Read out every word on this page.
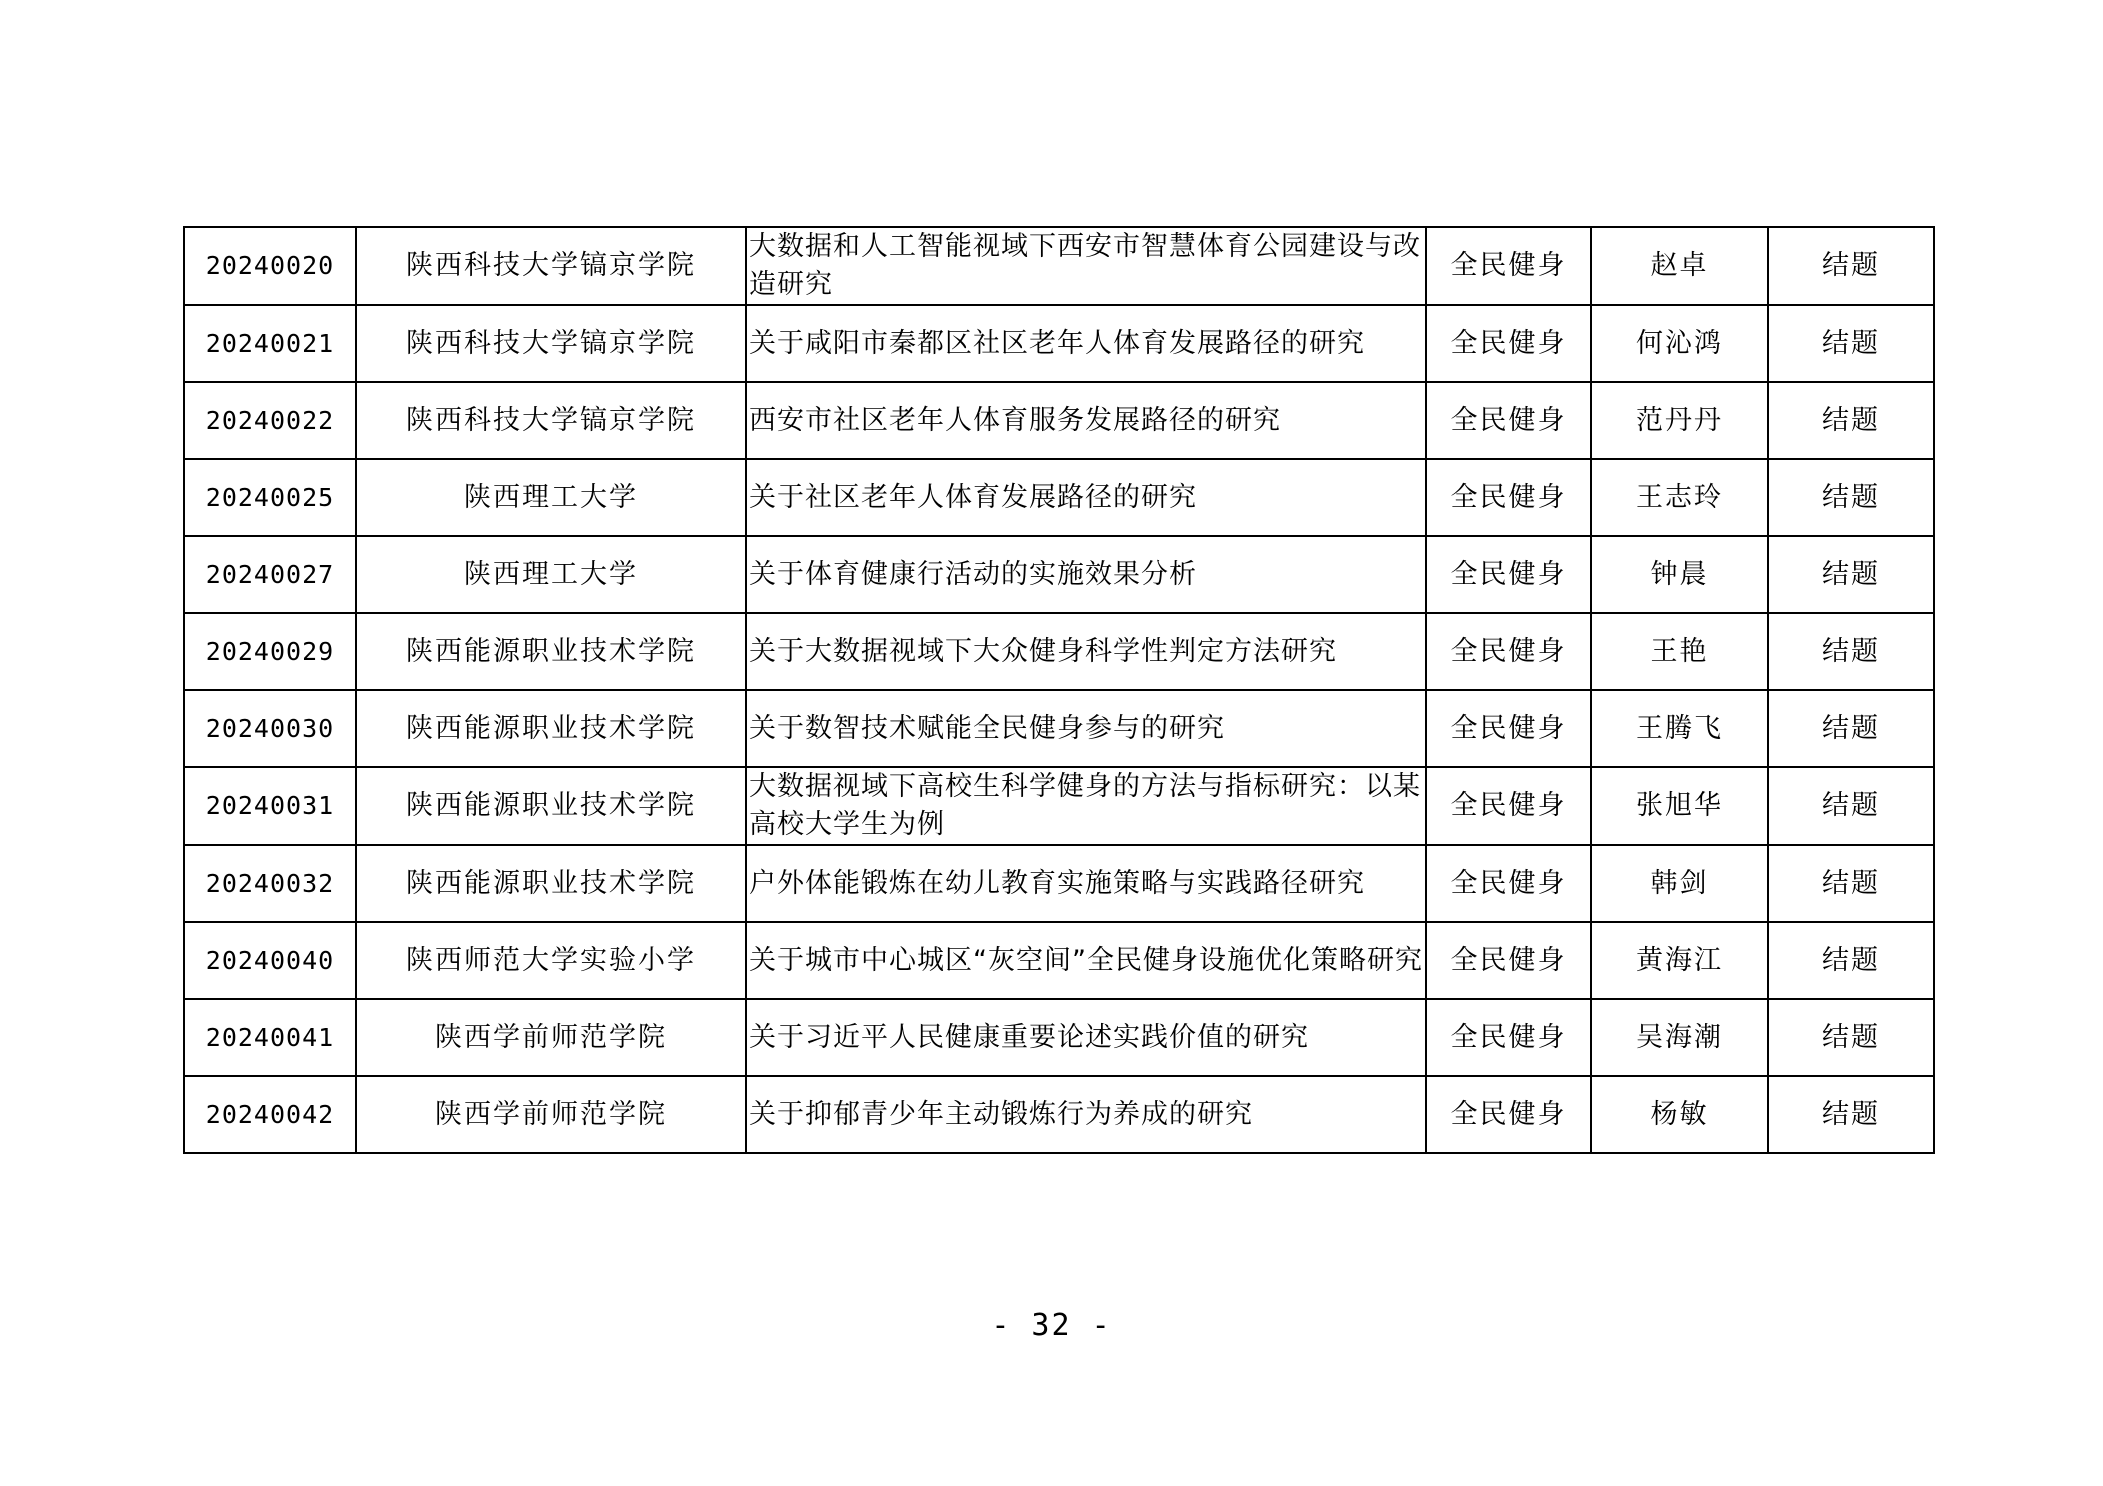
20240020	陕西科技大学镐京学院	大数据和人工智能视域下西安市智慧体育公园建设与改造研究	全民健身	赵卓	结题
20240021	陕西科技大学镐京学院	关于咸阳市秦都区社区老年人体育发展路径的研究	全民健身	何沁鸿	结题
20240022	陕西科技大学镐京学院	西安市社区老年人体育服务发展路径的研究	全民健身	范丹丹	结题
20240025	陕西理工大学	关于社区老年人体育发展路径的研究	全民健身	王志玲	结题
20240027	陕西理工大学	关于体育健康行活动的实施效果分析	全民健身	钟晨	结题
20240029	陕西能源职业技术学院	关于大数据视域下大众健身科学性判定方法研究	全民健身	王艳	结题
20240030	陕西能源职业技术学院	关于数智技术赋能全民健身参与的研究	全民健身	王腾飞	结题
20240031	陕西能源职业技术学院	大数据视域下高校生科学健身的方法与指标研究：以某高校大学生为例	全民健身	张旭华	结题
20240032	陕西能源职业技术学院	户外体能锻炼在幼儿教育实施策略与实践路径研究	全民健身	韩剑	结题
20240040	陕西师范大学实验小学	关于城市中心城区“灰空间”全民健身设施优化策略研究	全民健身	黄海江	结题
20240041	陕西学前师范学院	关于习近平人民健康重要论述实践价值的研究	全民健身	吴海潮	结题
20240042	陕西学前师范学院	关于抑郁青少年主动锻炼行为养成的研究	全民健身	杨敏	结题
- 32 -
